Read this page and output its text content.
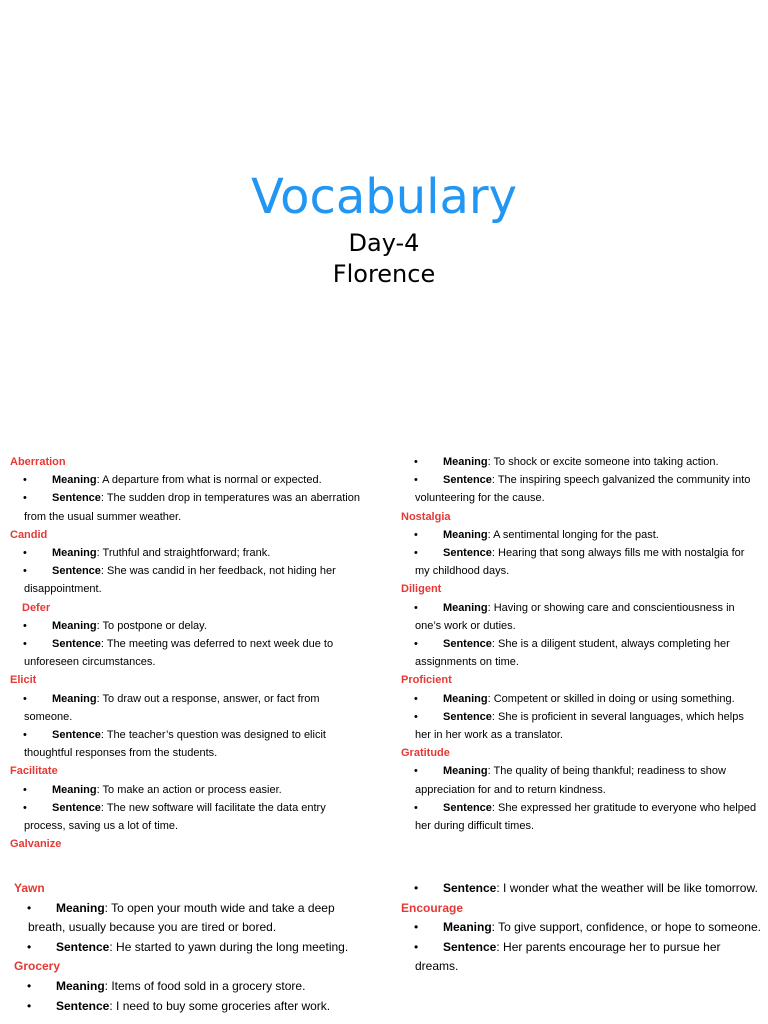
Vocabulary
Day-4
Florence
Aberration
• Meaning: A departure from what is normal or expected.
• Sentence: The sudden drop in temperatures was an aberration from the usual summer weather.
Candid
• Meaning: Truthful and straightforward; frank.
• Sentence: She was candid in her feedback, not hiding her disappointment.
Defer
• Meaning: To postpone or delay.
• Sentence: The meeting was deferred to next week due to unforeseen circumstances.
Elicit
• Meaning: To draw out a response, answer, or fact from someone.
• Sentence: The teacher’s question was designed to elicit thoughtful responses from the students.
Facilitate
• Meaning: To make an action or process easier.
• Sentence: The new software will facilitate the data entry process, saving us a lot of time.
Galvanize
• Meaning: To shock or excite someone into taking action.
• Sentence: The inspiring speech galvanized the community into volunteering for the cause.
Nostalgia
• Meaning: A sentimental longing for the past.
• Sentence: Hearing that song always fills me with nostalgia for my childhood days.
Diligent
• Meaning: Having or showing care and conscientiousness in one’s work or duties.
• Sentence: She is a diligent student, always completing her assignments on time.
Proficient
• Meaning: Competent or skilled in doing or using something.
• Sentence: She is proficient in several languages, which helps her in her work as a translator.
Gratitude
• Meaning: The quality of being thankful; readiness to show appreciation for and to return kindness.
• Sentence: She expressed her gratitude to everyone who helped her during difficult times.
Yawn
• Meaning: To open your mouth wide and take a deep breath, usually because you are tired or bored.
• Sentence: He started to yawn during the long meeting.
Grocery
• Meaning: Items of food sold in a grocery store.
• Sentence: I need to buy some groceries after work.
• Sentence: I wonder what the weather will be like tomorrow.
Encourage
• Meaning: To give support, confidence, or hope to someone.
• Sentence: Her parents encourage her to pursue her dreams.
